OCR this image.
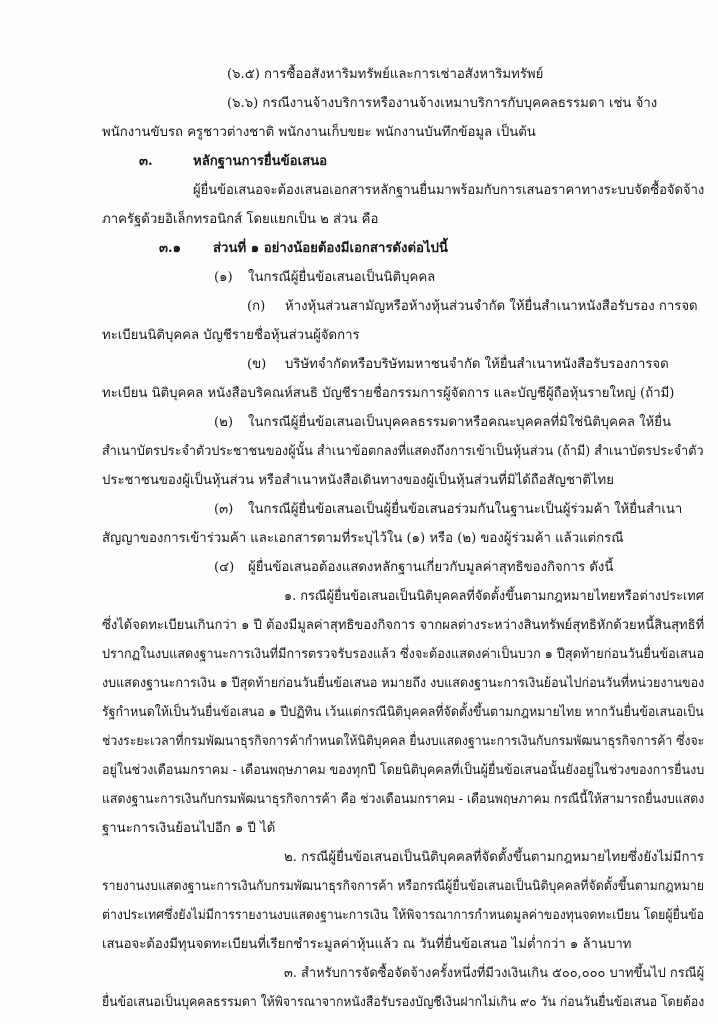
(๖.๕) การซื้ออสังหาริมทรัพย์และการเช่าอสังหาริมทรัพย์

(๖.๖) กรณีงานจ้างบริการหรืองานจ้างเหมาบริการกับบุคคลธรรมดา เช่น จ้าง

พนักงานขับรถ ครูชาวต่างชาติ พนักงานเก็บขยะ พนักงานบันทึกข้อมูล เป็นต้น

๓.	หลักฐานการยื่นข้อเสนอ

ผู้ยื่นข้อเสนอจะต้องเสนอเอกสารหลักฐานยื่นมาพร้อมกับการเสนอราคาทางระบบจัดซื้อจัดจ้าง

ภาครัฐด้วยอิเล็กทรอนิกส์ โดยแยกเป็น ๒ ส่วน คือ

๓.๑ ส่วนที่ ๑ อย่างน้อยต้องมีเอกสารดังต่อไปนี้

(๑) ในกรณีผู้ยื่นข้อเสนอเป็นนิติบุคคล

(ก) ห้างหุ้นส่วนสามัญหรือห้างหุ้นส่วนจำกัด ให้ยื่นสำเนาหนังสือรับรอง การจด

ทะเบียนนิติบุคคล บัญชีรายชื่อหุ้นส่วนผู้จัดการ

(ข) บริษัทจำกัดหรือบริษัทมหาชนจำกัด ให้ยื่นสำเนาหนังสือรับรองการจด

ทะเบียน นิติบุคคล หนังสือบริคณห์สนธิ บัญชีรายชื่อกรรมการผู้จัดการ และบัญชีผู้ถือหุ้นรายใหญ่ (ถ้ามี)

(๒) ในกรณีผู้ยื่นข้อเสนอเป็นบุคคลธรรมดาหรือคณะบุคคลที่มิใช่นิติบุคคล ให้ยื่น

สำเนาบัตรประจำตัวประชาชนของผู้นั้น สำเนาข้อตกลงที่แสดงถึงการเข้าเป็นหุ้นส่วน (ถ้ามี) สำเนาบัตรประจำตัว

ประชาชนของผู้เป็นหุ้นส่วน หรือสำเนาหนังสือเดินทางของผู้เป็นหุ้นส่วนที่มิได้ถือสัญชาติไทย

(๓) ในกรณีผู้ยื่นข้อเสนอเป็นผู้ยื่นข้อเสนอร่วมกันในฐานะเป็นผู้ร่วมค้า ให้ยื่นสำเนา

สัญญาของการเข้าร่วมค้า และเอกสารตามที่ระบุไว้ใน (๑) หรือ (๒) ของผู้ร่วมค้า แล้วแต่กรณี

(๔) ผู้ยื่นข้อเสนอต้องแสดงหลักฐานเกี่ยวกับมูลค่าสุทธิของกิจการ ดังนี้

๑. กรณีผู้ยื่นข้อเสนอเป็นนิติบุคคลที่จัดตั้งขึ้นตามกฎหมายไทยหรือต่างประเทศ

ซึ่งได้จดทะเบียนเกินกว่า ๑ ปี ต้องมีมูลค่าสุทธิของกิจการ จากผลต่างระหว่างสินทรัพย์สุทธิหักด้วยหนี้สินสุทธิที่

ปรากฏในงบแสดงฐานะการเงินที่มีการตรวจรับรองแล้ว ซึ่งจะต้องแสดงค่าเป็นบวก ๑ ปีสุดท้ายก่อนวันยื่นข้อเสนอ

งบแสดงฐานะการเงิน ๑ ปีสุดท้ายก่อนวันยื่นข้อเสนอ หมายถึง งบแสดงฐานะการเงินย้อนไปก่อนวันที่หน่วยงานของ

รัฐกำหนดให้เป็นวันยื่นข้อเสนอ ๑ ปีปฏิทิน เว้นแต่กรณีนิติบุคคลที่จัดตั้งขึ้นตามกฎหมายไทย หากวันยื่นข้อเสนอเป็น

ช่วงระยะเวลาที่กรมพัฒนาธุรกิจการค้ากำหนดให้นิติบุคคล ยื่นงบแสดงฐานะการเงินกับกรมพัฒนาธุรกิจการค้า ซึ่งจะ

อยู่ในช่วงเดือนมกราคม - เดือนพฤษภาคม ของทุกปี โดยนิติบุคคลที่เป็นผู้ยื่นข้อเสนอนั้นยังอยู่ในช่วงของการยื่นงบ

แสดงฐานะการเงินกับกรมพัฒนาธุรกิจการค้า คือ ช่วงเดือนมกราคม - เดือนพฤษภาคม กรณีนี้ให้สามารถยื่นงบแสดง

ฐานะการเงินย้อนไปอีก ๑ ปี ได้

๒. กรณีผู้ยื่นข้อเสนอเป็นนิติบุคคลที่จัดตั้งขึ้นตามกฎหมายไทยซึ่งยังไม่มีการ

รายงานงบแสดงฐานะการเงินกับกรมพัฒนาธุรกิจการค้า หรือกรณีผู้ยื่นข้อเสนอเป็นนิติบุคคลที่จัดตั้งขึ้นตามกฎหมาย

ต่างประเทศซึ่งยังไม่มีการรายงานงบแสดงฐานะการเงิน ให้พิจารณาการกำหนดมูลค่าของทุนจดทะเบียน โดยผู้ยื่นข้อ

เสนอจะต้องมีทุนจดทะเบียนที่เรียกชำระมูลค่าหุ้นแล้ว ณ วันที่ยื่นข้อเสนอ ไม่ต่ำกว่า ๑ ล้านบาท

๓. สำหรับการจัดซื้อจัดจ้างครั้งหนึ่งที่มีวงเงินเกิน ๕๐๐,๐๐๐ บาทขึ้นไป กรณีผู้

ยื่นข้อเสนอเป็นบุคคลธรรมดา ให้พิจารณาจากหนังสือรับรองบัญชีเงินฝากไม่เกิน ๙๐ วัน ก่อนวันยื่นข้อเสนอ โดยต้อง
